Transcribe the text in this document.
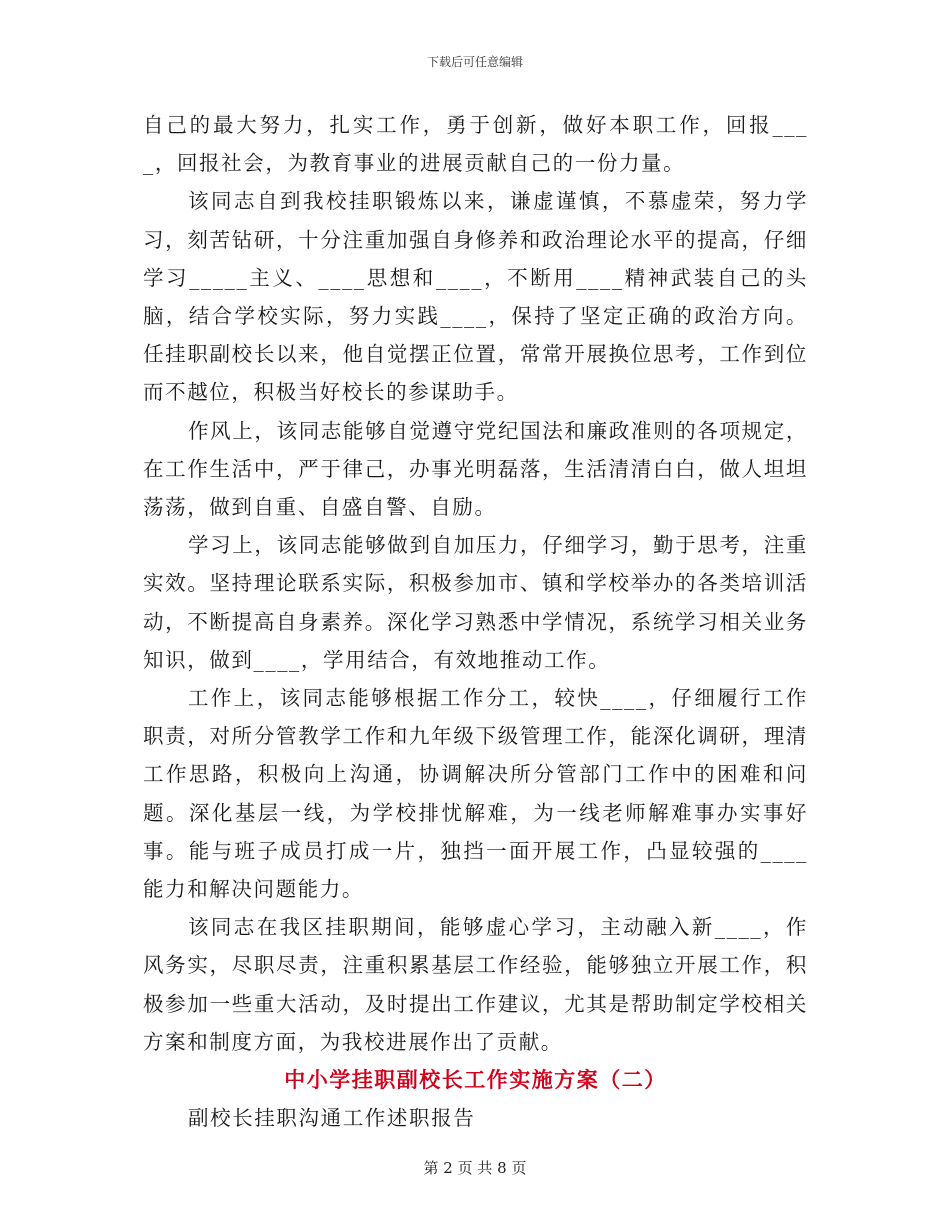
下载后可任意编辑

自己的最大努力，扎实工作，勇于创新，做好本职工作，回报____，回报社会，为教育事业的进展贡献自己的一份力量。

该同志自到我校挂职锻炼以来，谦虚谨慎，不慕虚荣，努力学习，刻苦钻研，十分注重加强自身修养和政治理论水平的提高，仔细学习_____主义、____思想和____，不断用____精神武装自己的头脑，结合学校实际，努力实践____，保持了坚定正确的政治方向。任挂职副校长以来，他自觉摆正位置，常常开展换位思考，工作到位而不越位，积极当好校长的参谋助手。

作风上，该同志能够自觉遵守党纪国法和廉政准则的各项规定，在工作生活中，严于律己，办事光明磊落，生活清清白白，做人坦坦荡荡，做到自重、自盛自警、自励。

学习上，该同志能够做到自加压力，仔细学习，勤于思考，注重实效。坚持理论联系实际，积极参加市、镇和学校举办的各类培训活动，不断提高自身素养。深化学习熟悉中学情况，系统学习相关业务知识，做到____，学用结合，有效地推动工作。

工作上，该同志能够根据工作分工，较快____，仔细履行工作职责，对所分管教学工作和九年级下级管理工作，能深化调研，理清工作思路，积极向上沟通，协调解决所分管部门工作中的困难和问题。深化基层一线，为学校排忧解难，为一线老师解难事办实事好事。能与班子成员打成一片，独挡一面开展工作，凸显较强的____能力和解决问题能力。

该同志在我区挂职期间，能够虚心学习，主动融入新____，作风务实，尽职尽责，注重积累基层工作经验，能够独立开展工作，积极参加一些重大活动，及时提出工作建议，尤其是帮助制定学校相关方案和制度方面，为我校进展作出了贡献。

中小学挂职副校长工作实施方案（二）

副校长挂职沟通工作述职报告

第 2 页 共 8 页
